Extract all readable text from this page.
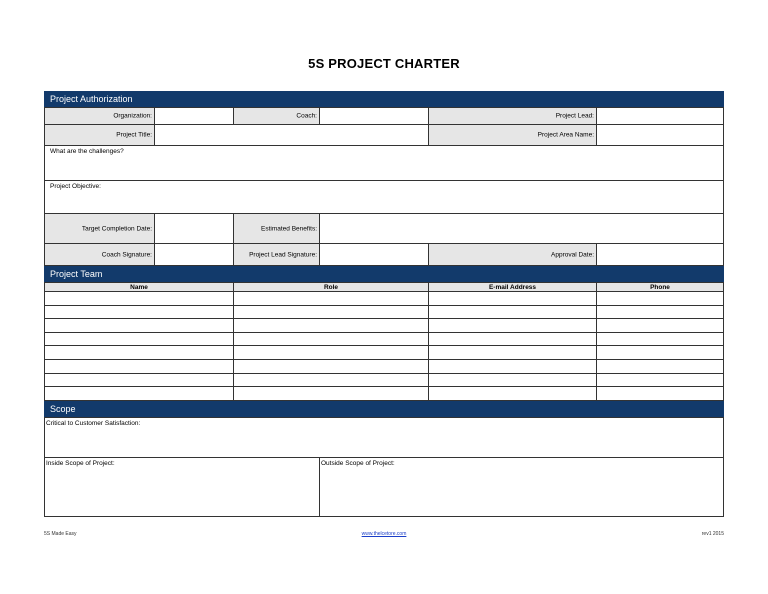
5S PROJECT CHARTER
Project Authorization
Organization:	Coach:	Project Lead:
Project Title:	Project Area Name:
What are the challenges?
Project Objective:
Target Completion Date:	Estimated Benefits:
Coach Signature:	Project Lead Signature:	Approval Date:
Project Team
Name	Role	E-mail Address	Phone
Scope
Critical to Customer Satisfaction:
Inside Scope of Project:	Outside Scope of Project:
5S Made Easy	www.thelcetore.com	rev1 2015
